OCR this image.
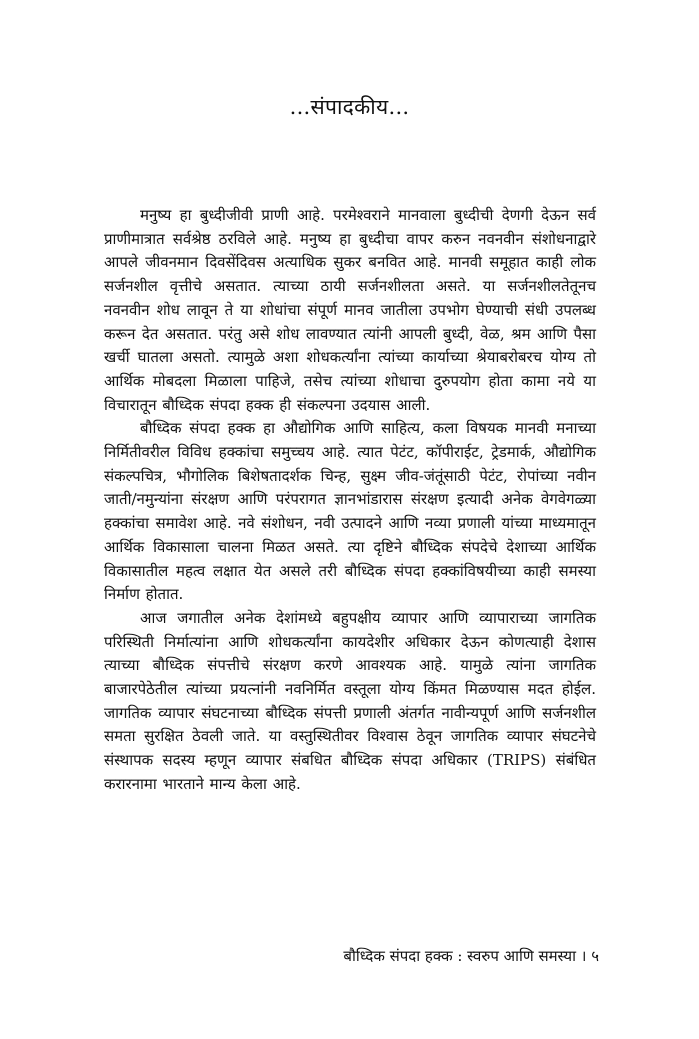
...संपादकीय...

मनुष्य हा बुध्दीजीवी प्राणी आहे. परमेश्वराने मानवाला बुध्दीची देणगी देऊन सर्व प्राणीमात्रात सर्वश्रेष्ठ ठरविले आहे. मनुष्य हा बुध्दीचा वापर करुन नवनवीन संशोधनाद्वारे आपले जीवनमान दिवसेंदिवस अत्याधिक सुकर बनवित आहे. मानवी समूहात काही लोक सर्जनशील वृत्तीचे असतात. त्याच्या ठायी सर्जनशीलता असते. या सर्जनशीलतेतूनच नवनवीन शोध लावून ते या शोधांचा संपूर्ण मानव जातीला उपभोग घेण्याची संधी उपलब्ध करून देत असतात. परंतु असे शोध लावण्यात त्यांनी आपली बुध्दी, वेळ, श्रम आणि पैसा खर्ची घातला असतो. त्यामुळे अशा शोधकर्त्यांना त्यांच्या कार्याच्या श्रेयाबरोबरच योग्य तो आर्थिक मोबदला मिळाला पाहिजे, तसेच त्यांच्या शोधाचा दुरुपयोग होता कामा नये या विचारातून बौध्दिक संपदा हक्क ही संकल्पना उदयास आली.

बौध्दिक संपदा हक्क हा औद्योगिक आणि साहित्य, कला विषयक मानवी मनाच्या निर्मितीवरील विविध हक्कांचा समुच्चय आहे. त्यात पेटंट, कॉपीराईट, ट्रेडमार्क, औद्योगिक संकल्पचित्र, भौगोलिक बिशेषतादर्शक चिन्ह, सुक्ष्म जीव-जंतूंसाठी पेटंट, रोपांच्या नवीन जाती/नमुन्यांना संरक्षण आणि परंपरागत ज्ञानभांडारास संरक्षण इत्यादी अनेक वेगवेगळ्या हक्कांचा समावेश आहे. नवे संशोधन, नवी उत्पादने आणि नव्या प्रणाली यांच्या माध्यमातून आर्थिक विकासाला चालना मिळत असते. त्या दृष्टिने बौध्दिक संपदेचे देशाच्या आर्थिक विकासातील महत्व लक्षात येत असले तरी बौध्दिक संपदा हक्कांविषयीच्या काही समस्या निर्माण होतात.

आज जगातील अनेक देशांमध्ये बहुपक्षीय व्यापार आणि व्यापाराच्या जागतिक परिस्थिती निर्मात्यांना आणि शोधकर्त्यांना कायदेशीर अधिकार देऊन कोणत्याही देशास त्याच्या बौध्दिक संपत्तीचे संरक्षण करणे आवश्यक आहे. यामुळे त्यांना जागतिक बाजारपेठेतील त्यांच्या प्रयत्नांनी नवनिर्मित वस्तूला योग्य किंमत मिळण्यास मदत होईल. जागतिक व्यापार संघटनाच्या बौध्दिक संपत्ती प्रणाली अंतर्गत नावीन्यपूर्ण आणि सर्जनशील समता सुरक्षित ठेवली जाते. या वस्तुस्थितीवर विश्वास ठेवून जागतिक व्यापार संघटनेचे संस्थापक सदस्य म्हणून व्यापार संबधित बौध्दिक संपदा अधिकार (TRIPS) संबंधित करारनामा भारताने मान्य केला आहे.

बौध्दिक संपदा हक्क : स्वरुप आणि समस्या । ५
